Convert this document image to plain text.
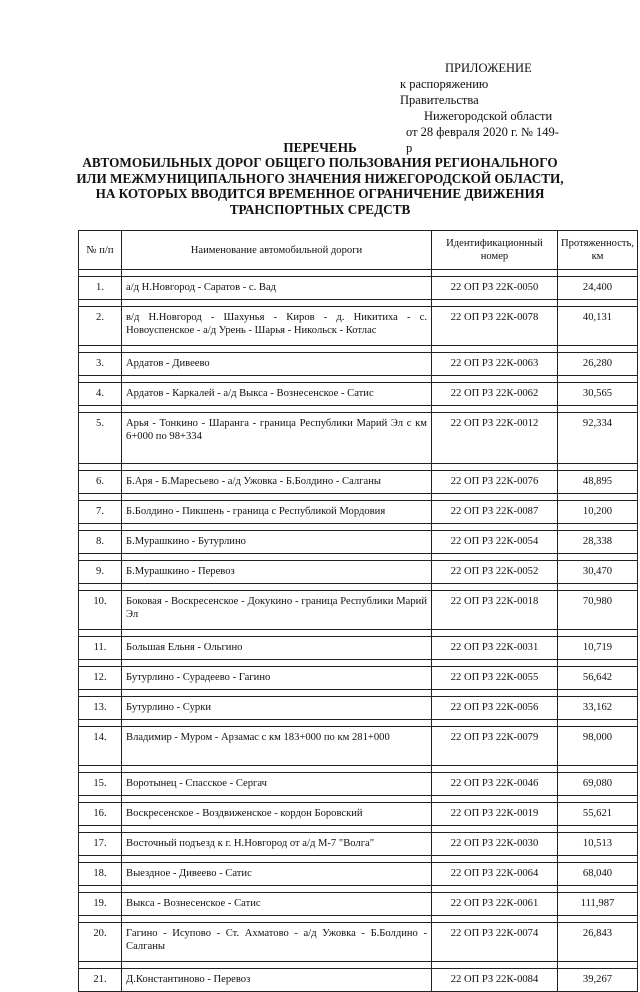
ПРИЛОЖЕНИЕ
к распоряжению Правительства
Нижегородской области
от 28 февраля 2020 г. № 149-р
ПЕРЕЧЕНЬ
АВТОМОБИЛЬНЫХ ДОРОГ ОБЩЕГО ПОЛЬЗОВАНИЯ РЕГИОНАЛЬНОГО
ИЛИ МЕЖМУНИЦИПАЛЬНОГО ЗНАЧЕНИЯ НИЖЕГОРОДСКОЙ ОБЛАСТИ,
НА КОТОРЫХ ВВОДИТСЯ ВРЕМЕННОЕ ОГРАНИЧЕНИЕ ДВИЖЕНИЯ
ТРАНСПОРТНЫХ СРЕДСТВ
№ п/п	Наименование автомобильной дороги	Идентификационный номер	Протяженность, км

1.	а/д Н.Новгород - Саратов - с. Вад	22 ОП РЗ 22К-0050	24,400

2.	в/д Н.Новгород - Шахунья - Киров - д. Никитиха - с. Новоуспенское - а/д Урень - Шарья - Никольск - Котлас	22 ОП РЗ 22К-0078	40,131

3.	Ардатов - Дивеево	22 ОП РЗ 22К-0063	26,280

4.	Ардатов - Каркалей - а/д Выкса - Вознесенское - Сатис	22 ОП РЗ 22К-0062	30,565

5.	Арья - Тонкино - Шаранга - граница Республики Марий Эл с км 6+000 по 98+334	22 ОП РЗ 22К-0012	92,334

6.	Б.Аря - Б.Мaресьево - а/д Ужовка - Б.Болдино - Салганы	22 ОП РЗ 22К-0076	48,895

7.	Б.Болдино - Пикшень - граница с Республикой Мордовия	22 ОП РЗ 22К-0087	10,200

8.	Б.Мурашкино - Бутурлино	22 ОП РЗ 22К-0054	28,338

9.	Б.Мурашкино - Перевоз	22 ОП РЗ 22К-0052	30,470

10.	Боковая - Воскресенское - Докукино - граница Республики Марий Эл	22 ОП РЗ 22К-0018	70,980

11.	Большая Ельня - Ольгино	22 ОП РЗ 22К-0031	10,719

12.	Бутурлино - Сурадеево - Гагино	22 ОП РЗ 22К-0055	56,642

13.	Бутурлино - Сурки	22 ОП РЗ 22К-0056	33,162

14.	Владимир - Муром - Арзамас с км 183+000 по км 281+000	22 ОП РЗ 22К-0079	98,000

15.	Воротынец - Спасское - Сергач	22 ОП РЗ 22К-0046	69,080

16.	Воскресенское - Воздвиженское - кордон Боровский	22 ОП РЗ 22К-0019	55,621

17.	Восточный подъезд к г. Н.Новгород от а/д М-7 "Волга"	22 ОП РЗ 22К-0030	10,513

18.	Выездное - Дивеево - Сатис	22 ОП РЗ 22К-0064	68,040

19.	Выкса - Вознесенское - Сатис	22 ОП РЗ 22К-0061	111,987

20.	Гагино - Исупово - Ст. Ахматово - а/д Ужовка - Б.Болдино - Салганы	22 ОП РЗ 22К-0074	26,843

21.	Д.Константиново - Перевоз	22 ОП РЗ 22К-0084	39,267
